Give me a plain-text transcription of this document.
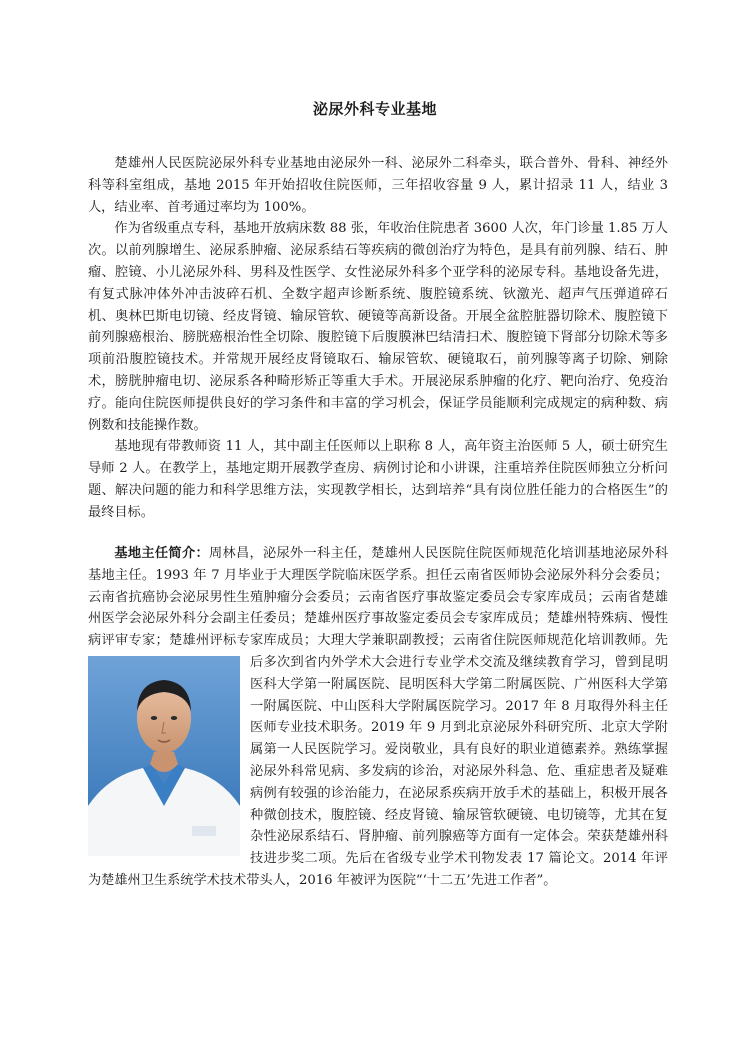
泌尿外科专业基地

楚雄州人民医院泌尿外科专业基地由泌尿外一科、泌尿外二科牵头，联合普外、骨科、神经外科等科室组成，基地 2015 年开始招收住院医师，三年招收容量 9 人，累计招录 11 人，结业 3 人，结业率、首考通过率均为 100%。

作为省级重点专科，基地开放病床数 88 张，年收治住院患者 3600 人次，年门诊量 1.85 万人次。以前列腺增生、泌尿系肿瘤、泌尿系结石等疾病的微创治疗为特色，是具有前列腺、结石、肿瘤、腔镜、小儿泌尿外科、男科及性医学、女性泌尿外科多个亚学科的泌尿专科。基地设备先进，有复式脉冲体外冲击波碎石机、全数字超声诊断系统、腹腔镜系统、钬激光、超声气压弹道碎石机、奥林巴斯电切镜、经皮肾镜、输尿管软、硬镜等高新设备。开展全盆腔脏器切除术、腹腔镜下前列腺癌根治、膀胱癌根治性全切除、腹腔镜下后腹膜淋巴结清扫术、腹腔镜下肾部分切除术等多项前沿腹腔镜技术。并常规开展经皮肾镜取石、输尿管软、硬镜取石，前列腺等离子切除、剜除术，膀胱肿瘤电切、泌尿系各种畸形矫正等重大手术。开展泌尿系肿瘤的化疗、靶向治疗、免疫治疗。能向住院医师提供良好的学习条件和丰富的学习机会，保证学员能顺利完成规定的病种数、病例数和技能操作数。

基地现有带教师资 11 人，其中副主任医师以上职称 8 人，高年资主治医师 5 人，硕士研究生导师 2 人。在教学上，基地定期开展教学查房、病例讨论和小讲课，注重培养住院医师独立分析问题、解决问题的能力和科学思维方法，实现教学相长，达到培养“具有岗位胜任能力的合格医生”的最终目标。

基地主任简介：周林昌，泌尿外一科主任，楚雄州人民医院住院医师规范化培训基地泌尿外科基地主任。1993 年 7 月毕业于大理医学院临床医学系。担任云南省医师协会泌尿外科分会委员；云南省抗癌协会泌尿男性生殖肿瘤分会委员；云南省医疗事故鉴定委员会专家库成员；云南省楚雄州医学会泌尿外科分会副主任委员；楚雄州医疗事故鉴定委员会专家库成员；楚雄州特殊病、慢性病评审专家；楚雄州评标专家库成员；大理大学兼职副教授；云南省住院医师规范化培训教师。先后多次到省内外学术大会进行专业学术交流
及继续教育学习，曾到昆明医科大学第一附属医院、昆明医科大学第二附属医院、广州医科大学第一附属医院、中山医科大学附属医院学习。2017 年 8 月取得外科主任医师专业技术职务。2019 年 9 月到北京泌尿外科研究所、北京大学附属第一人民医院学习。爱岗敬业，具有良好的职业道德素养。熟练掌握泌尿外科常见病、多发病的诊治，对泌尿外科急、危、重症患者及疑难病例有较强的诊治能力，在泌尿系疾病开放手术的基础上，积极开展各种微创技术，腹腔镜、经皮肾镜、输尿管软硬镜、电切镜等，尤其在复杂性泌尿系结石、肾肿瘤、前列腺癌等方面有一定体会。荣获楚雄州科技进步奖二项。先后在省级专业学术刊物发表 17 篇论文。2014 年评为楚雄州卫生系统学术技术带头人，2016 年被评为医院“‘十二五’先进工作者”。
